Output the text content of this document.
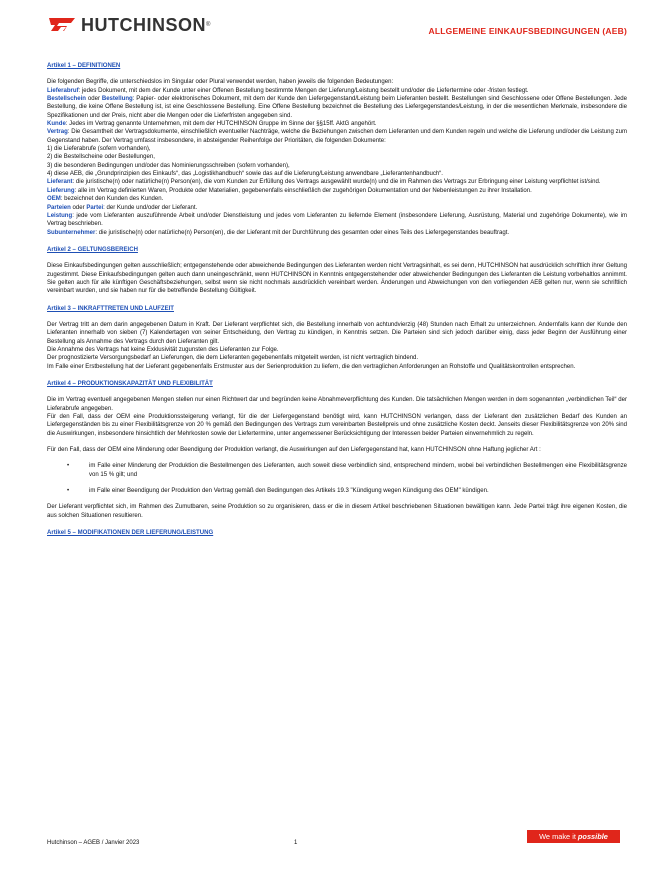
HUTCHINSON ®
ALLGEMEINE EINKAUFSBEDINGUNGEN (AEB)
Artikel 1 – DEFINITIONEN

Die folgenden Begriffe, die unterschiedslos im Singular oder Plural verwendet werden, haben jeweils die folgenden Bedeutungen:

Lieferabruf: jedes Dokument, mit dem der Kunde unter einer Offenen Bestellung bestimmte Mengen der Lieferung/Leistung bestellt und/oder die Liefertermine oder -fristen festlegt.

Bestellschein oder Bestellung: Papier- oder elektronisches Dokument, mit dem der Kunde den Liefergegenstand/Leistung beim Lieferanten bestellt. Bestellungen sind Geschlossene oder Offene Bestellungen. Jede Bestellung, die keine Offene Bestellung ist, ist eine Geschlossene Bestellung. Eine Offene Bestellung bezeichnet die Bestellung des Liefergegenstandes/Leistung, in der die wesentlichen Merkmale, insbesondere die Spezifikationen und der Preis, nicht aber die Mengen oder die Lieferfristen angegeben sind.

Kunde: Jedes im Vertrag genannte Unternehmen, mit dem der HUTCHINSON Gruppe im Sinne der §§15ff. AktG angehört.

Vertrag: Die Gesamtheit der Vertragsdokumente, einschließlich eventueller Nachträge, welche die Beziehungen zwischen dem Lieferanten und dem Kunden regeln und welche die Lieferung und/oder die Leistung zum Gegenstand haben. Der Vertrag umfasst insbesondere, in absteigender Reihenfolge der Prioritäten, die folgenden Dokumente:

1) die Lieferabrufe (sofern vorhanden),

2) die Bestellscheine oder Bestellungen,

3) die besonderen Bedingungen und/oder das Nominierungsschreiben (sofern vorhanden),

4) diese AEB, die „Grundprinzipien des Einkaufs“, das „Logistikhandbuch“ sowie das auf die Lieferung/Leistung anwendbare „Lieferantenhandbuch“.

Lieferant: die juristische(n) oder natürliche(n) Person(en), die vom Kunden zur Erfüllung des Vertrags ausgewählt wurde(n) und die im Rahmen des Vertrags zur Erbringung einer Leistung verpflichtet ist/sind.

Lieferung: alle im Vertrag definierten Waren, Produkte oder Materialien, gegebenenfalls einschließlich der zugehörigen Dokumentation und der Nebenleistungen zu ihrer Installation.

OEM: bezeichnet den Kunden des Kunden.

Parteien oder Partei: der Kunde und/oder der Lieferant.

Leistung: jede vom Lieferanten auszuführende Arbeit und/oder Dienstleistung und jedes vom Lieferanten zu liefernde Element (insbesondere Lieferung, Ausrüstung, Material und zugehörige Dokumente), wie im Vertrag beschrieben.

Subunternehmer: die juristische(n) oder natürliche(n) Person(en), die der Lieferant mit der Durchführung des gesamten oder eines Teils des Liefergegenstandes beauftragt.

Artikel 2 – GELTUNGSBEREICH

Diese Einkaufsbedingungen gelten ausschließlich; entgegenstehende oder abweichende Bedingungen des Lieferanten werden nicht Vertragsinhalt, es sei denn, HUTCHINSON hat ausdrücklich schriftlich ihrer Geltung zugestimmt. Diese Einkaufsbedingungen gelten auch dann uneingeschränkt, wenn HUTCHINSON in Kenntnis entgegenstehender oder abweichender Bedingungen des Lieferanten die Leistung vorbehaltlos annimmt. Sie gelten auch für alle künftigen Geschäftsbeziehungen, selbst wenn sie nicht nochmals ausdrücklich vereinbart werden. Änderungen und Abweichungen von den vorliegenden AEB gelten nur, wenn sie schriftlich vereinbart wurden, und sie haben nur für die betreffende Bestellung Gültigkeit.

Artikel 3 – INKRAFTTRETEN UND LAUFZEIT

Der Vertrag tritt an dem darin angegebenen Datum in Kraft. Der Lieferant verpflichtet sich, die Bestellung innerhalb von achtundvierzig (48) Stunden nach Erhalt zu unterzeichnen. Andernfalls kann der Kunde den Lieferanten innerhalb von sieben (7) Kalendertagen von seiner Entscheidung, den Vertrag zu kündigen, in Kenntnis setzen. Die Parteien sind sich jedoch darüber einig, dass jeder Beginn der Ausführung einer Bestellung als Annahme des Vertrags durch den Lieferanten gilt.

Die Annahme des Vertrags hat keine Exklusivität zugunsten des Lieferanten zur Folge.

Der prognostizierte Versorgungsbedarf an Lieferungen, die dem Lieferanten gegebenenfalls mitgeteilt werden, ist nicht vertraglich bindend.

Im Falle einer Erstbestellung hat der Lieferant gegebenenfalls Erstmuster aus der Serienproduktion zu liefern, die den vertraglichen Anforderungen an Rohstoffe und Qualitätskontrollen entsprechen.

Artikel 4 – PRODUKTIONSKAPAZITÄT UND FLEXIBILITÄT

Die im Vertrag eventuell angegebenen Mengen stellen nur einen Richtwert dar und begründen keine Abnahmeverpflichtung des Kunden. Die tatsächlichen Mengen werden in dem sogenannten „verbindlichen Teil“ der Lieferabrufe angegeben.

Für den Fall, dass der OEM eine Produktionssteigerung verlangt, für die der Liefergegenstand benötigt wird, kann HUTCHINSON verlangen, dass der Lieferant den zusätzlichen Bedarf des Kunden an Liefergegenständen bis zu einer Flexibilitätsgrenze von 20 % gemäß den Bedingungen des Vertrags zum vereinbarten Bestellpreis und ohne zusätzliche Kosten deckt. Jenseits dieser Flexibilitätsgrenze von 20% sind die Auswirkungen, insbesondere hinsichtlich der Mehrkosten sowie der Liefertermine, unter angemessener Berücksichtigung der Interessen beider Parteien einvernehmlich zu regeln.

Für den Fall, dass der OEM eine Minderung oder Beendigung der Produktion verlangt, die Auswirkungen auf den Liefergegenstand hat, kann HUTCHINSON ohne Haftung jeglicher Art :

• im Falle einer Minderung der Produktion die Bestellmengen des Lieferanten, auch soweit diese verbindlich sind, entsprechend mindern, wobei bei verbindlichen Bestellmengen eine Flexibilitätsgrenze von 15 % gilt; und

• im Falle einer Beendigung der Produktion den Vertrag gemäß den Bedingungen des Artikels 19.3 "Kündigung wegen Kündigung des OEM" kündigen.

Der Lieferant verpflichtet sich, im Rahmen des Zumutbaren, seine Produktion so zu organisieren, dass er die in diesem Artikel beschriebenen Situationen bewältigen kann. Jede Partei trägt ihre eigenen Kosten, die aus solchen Situationen resultieren.

Artikel 5 – MODIFIKATIONEN DER LIEFERUNG/LEISTUNG
Hutchinson – AGEB / Janvier 2023	1
We make it possible
